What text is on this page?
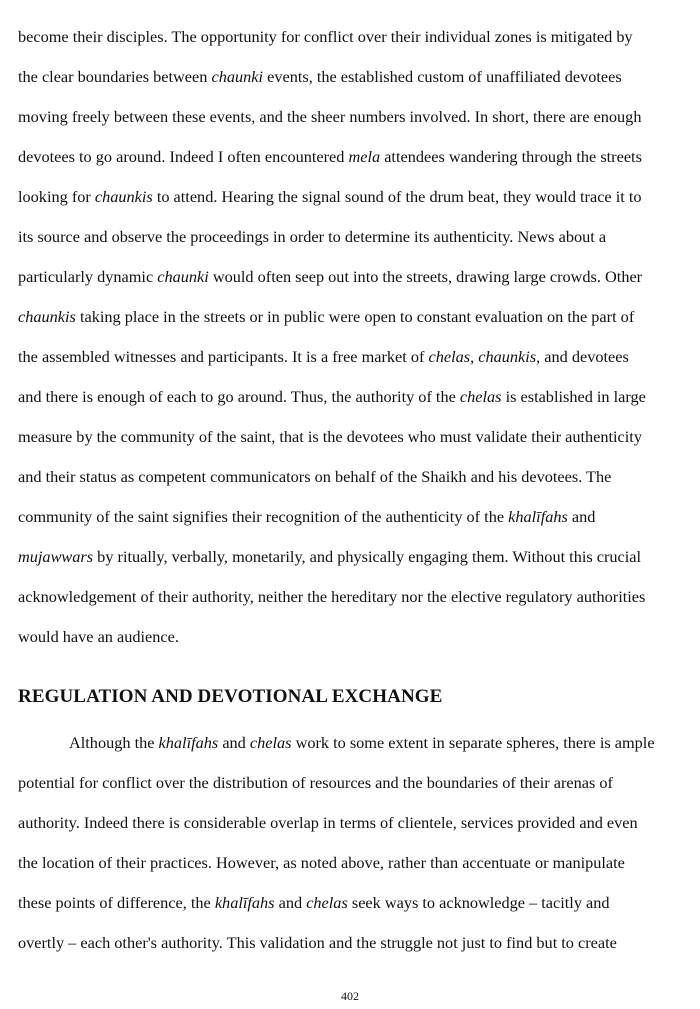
become their disciples. The opportunity for conflict over their individual zones is mitigated by
the clear boundaries between chaunki events, the established custom of unaffiliated devotees
moving freely between these events, and the sheer numbers involved. In short, there are enough
devotees to go around. Indeed I often encountered mela attendees wandering through the streets
looking for chaunkis to attend. Hearing the signal sound of the drum beat, they would trace it to
its source and observe the proceedings in order to determine its authenticity. News about a
particularly dynamic chaunki would often seep out into the streets, drawing large crowds. Other
chaunkis taking place in the streets or in public were open to constant evaluation on the part of
the assembled witnesses and participants. It is a free market of chelas, chaunkis, and devotees
and there is enough of each to go around. Thus, the authority of the chelas is established in large
measure by the community of the saint, that is the devotees who must validate their authenticity
and their status as competent communicators on behalf of the Shaikh and his devotees. The
community of the saint signifies their recognition of the authenticity of the khalīfahs and
mujawwars by ritually, verbally, monetarily, and physically engaging them. Without this crucial
acknowledgement of their authority, neither the hereditary nor the elective regulatory authorities
would have an audience.
REGULATION AND DEVOTIONAL EXCHANGE
Although the khalīfahs and chelas work to some extent in separate spheres, there is ample
potential for conflict over the distribution of resources and the boundaries of their arenas of
authority. Indeed there is considerable overlap in terms of clientele, services provided and even
the location of their practices. However, as noted above, rather than accentuate or manipulate
these points of difference, the khalīfahs and chelas seek ways to acknowledge – tacitly and
overtly – each other's authority. This validation and the struggle not just to find but to create
402
